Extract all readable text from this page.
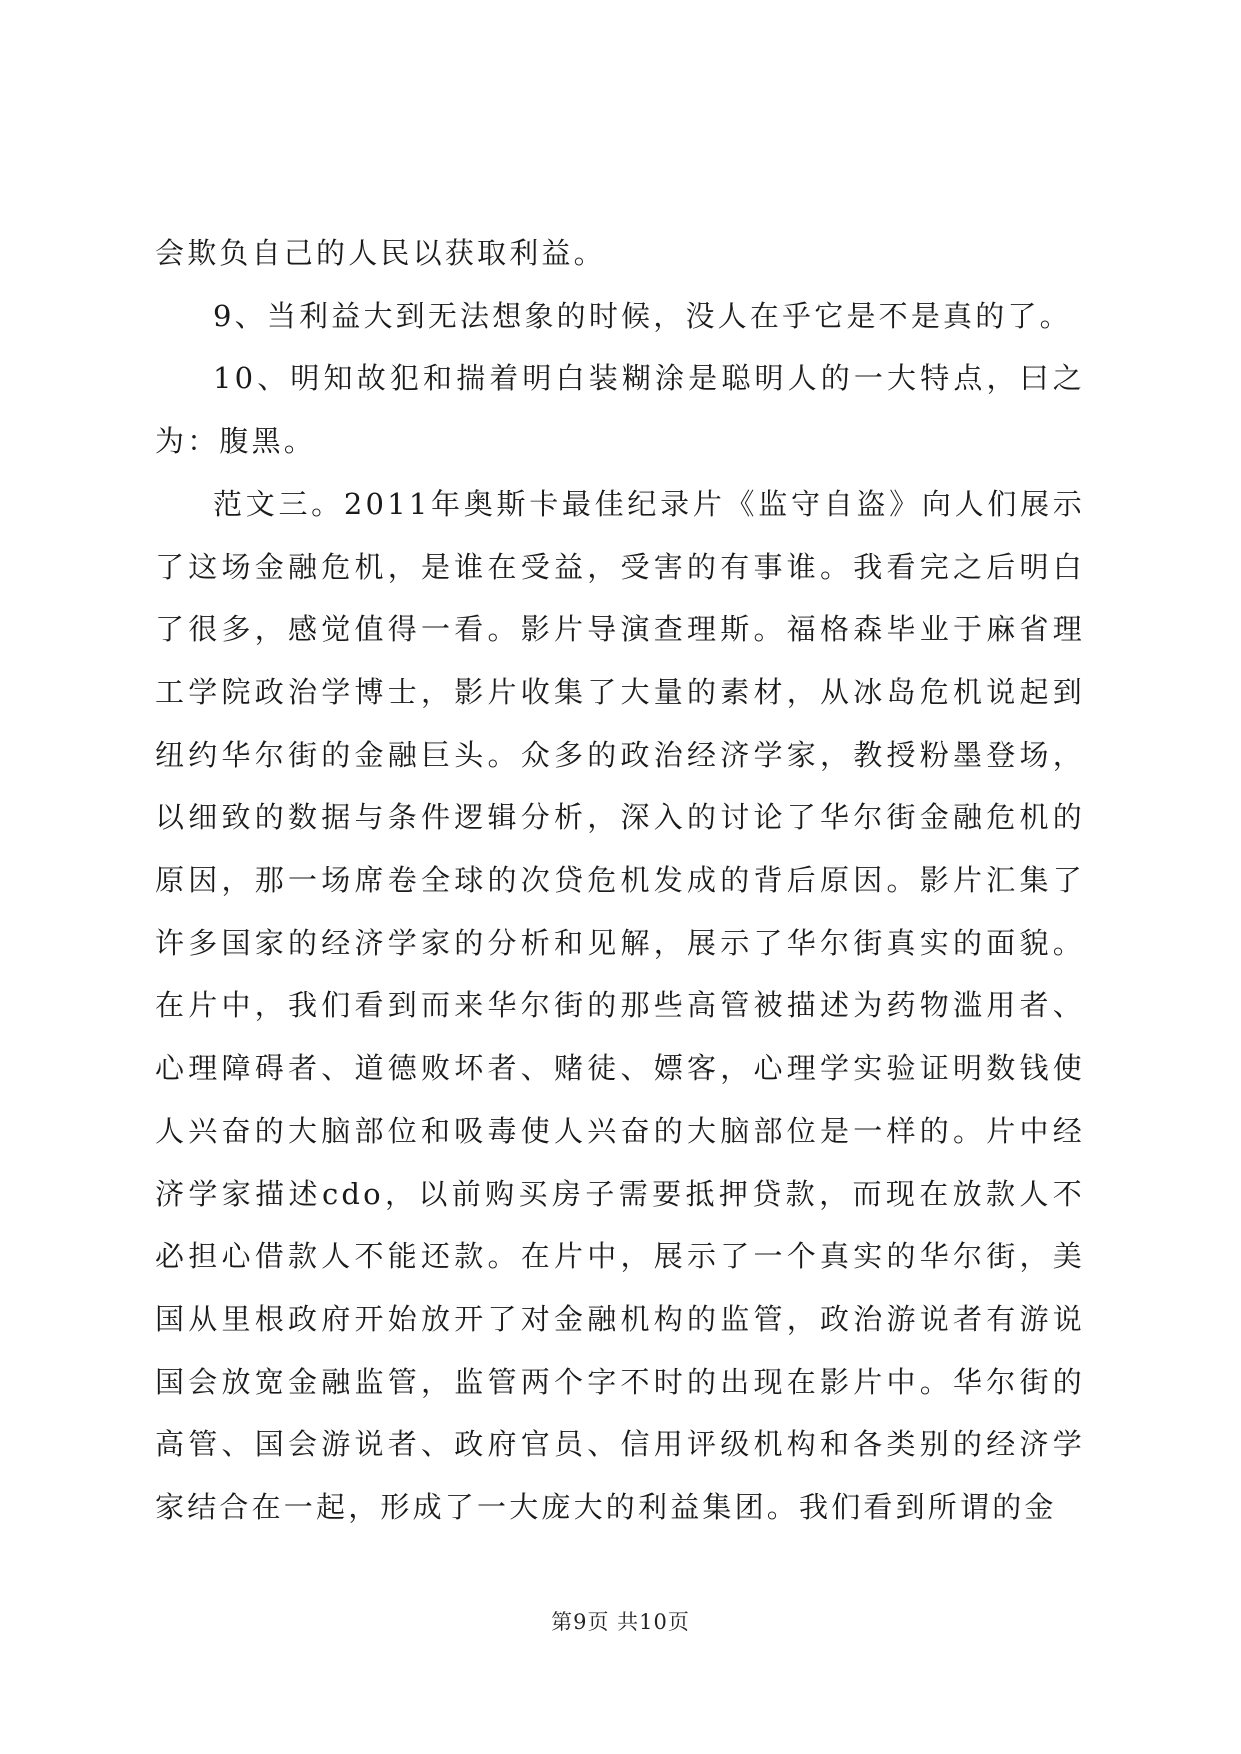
会欺负自己的人民以获取利益。

9、当利益大到无法想象的时候，没人在乎它是不是真的了。

10、明知故犯和揣着明白装糊涂是聪明人的一大特点，曰之为：腹黑。

范文三。2011年奥斯卡最佳纪录片《监守自盗》向人们展示了这场金融危机，是谁在受益，受害的有事谁。我看完之后明白了很多，感觉值得一看。影片导演查理斯。福格森毕业于麻省理工学院政治学博士，影片收集了大量的素材，从冰岛危机说起到纽约华尔街的金融巨头。众多的政治经济学家，教授粉墨登场，以细致的数据与条件逻辑分析，深入的讨论了华尔街金融危机的原因，那一场席卷全球的次贷危机发成的背后原因。影片汇集了许多国家的经济学家的分析和见解，展示了华尔街真实的面貌。在片中，我们看到而来华尔街的那些高管被描述为药物滥用者、心理障碍者、道德败坏者、赌徒、嫖客，心理学实验证明数钱使人兴奋的大脑部位和吸毒使人兴奋的大脑部位是一样的。片中经济学家描述cdo，以前购买房子需要抵押贷款，而现在放款人不必担心借款人不能还款。在片中，展示了一个真实的华尔街，美国从里根政府开始放开了对金融机构的监管，政治游说者有游说国会放宽金融监管，监管两个字不时的出现在影片中。华尔街的高管、国会游说者、政府官员、信用评级机构和各类别的经济学家结合在一起，形成了一大庞大的利益集团。我们看到所谓的金

第9页 共10页
